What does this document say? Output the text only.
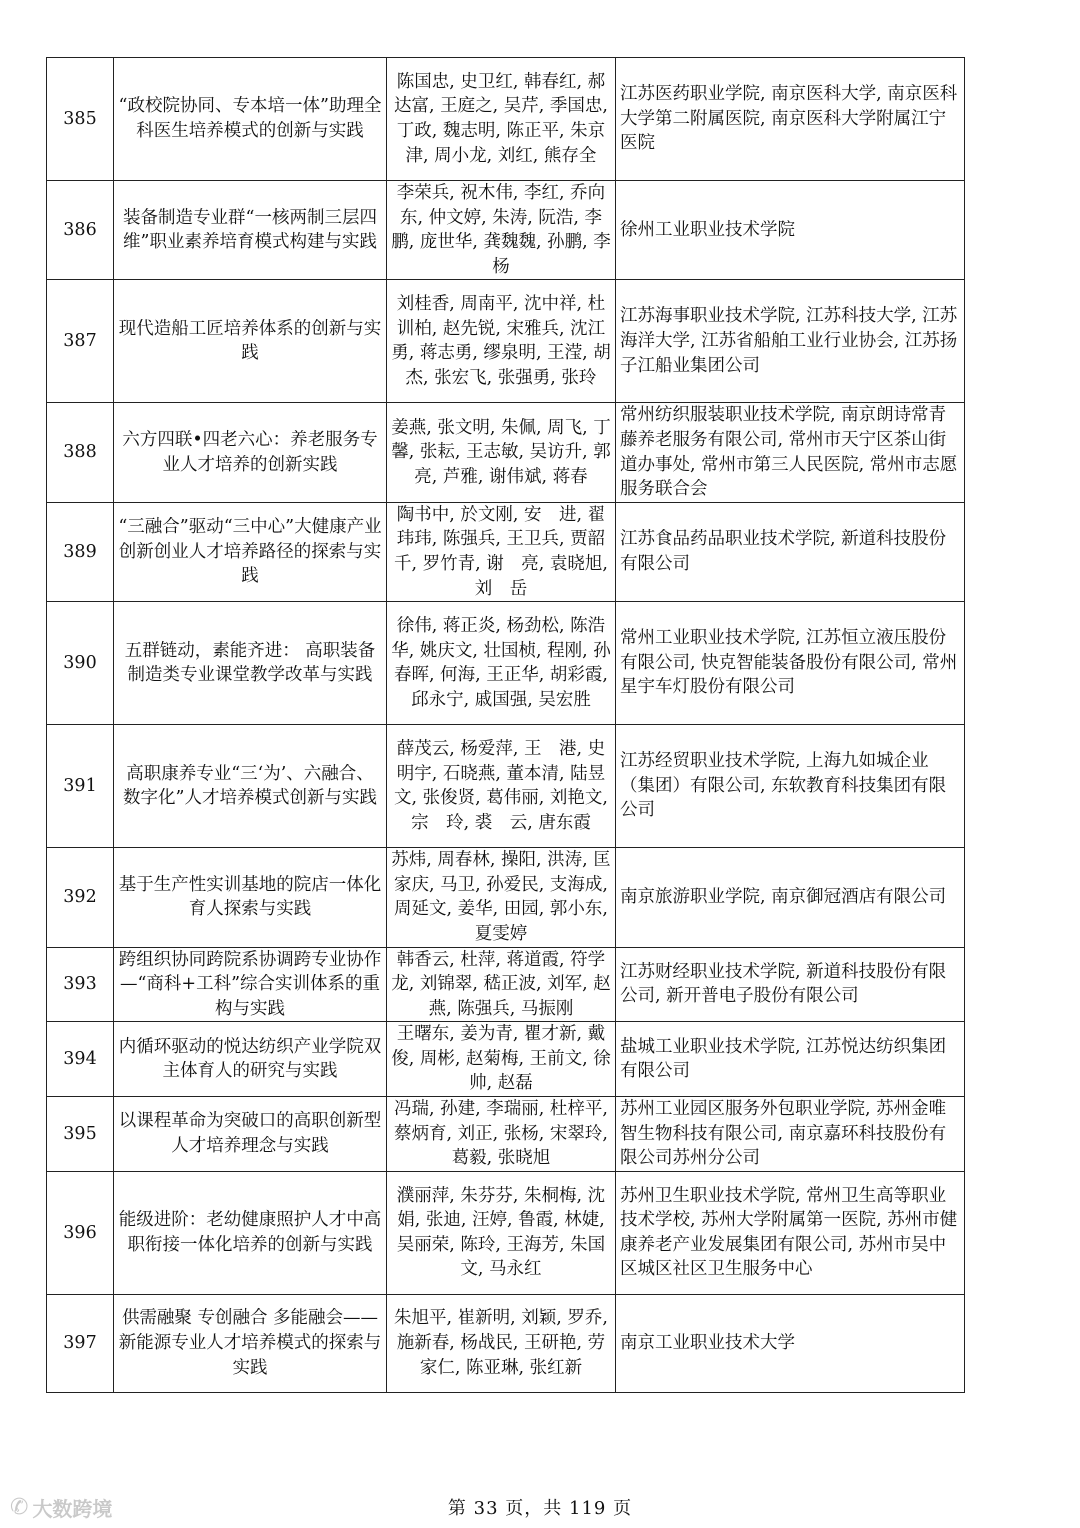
385	“政校院协同、专本培一体”助理全科医生培养模式的创新与实践	陈国忠, 史卫红, 韩春红, 郝达富, 王庭之, 吴芹, 季国忠, 丁政, 魏志明, 陈正平, 朱京津, 周小龙, 刘红, 熊存全	江苏医药职业学院, 南京医科大学, 南京医科大学第二附属医院, 南京医科大学附属江宁医院
386	装备制造专业群“一核两制三层四维”职业素养培育模式构建与实践	李荣兵, 祝木伟, 李红, 乔向东, 仲文婷, 朱涛, 阮浩, 李鹏, 庞世华, 龚魏魏, 孙鹏, 李杨	徐州工业职业技术学院
387	现代造船工匠培养体系的创新与实践	刘桂香, 周南平, 沈中祥, 杜训柏, 赵先锐, 宋雅兵, 沈江勇, 蒋志勇, 缪泉明, 王滢, 胡杰, 张宏飞, 张强勇, 张玲	江苏海事职业技术学院, 江苏科技大学, 江苏海洋大学, 江苏省船舶工业行业协会, 江苏扬子江船业集团公司
388	六方四联•四老六心：养老服务专业人才培养的创新实践	姜燕, 张文明, 朱佩, 周飞, 丁馨, 张耘, 王志敏, 吴访升, 郭亮, 芦雅, 谢伟斌, 蒋春	常州纺织服装职业技术学院, 南京朗诗常青藤养老服务有限公司, 常州市天宁区茶山街道办事处, 常州市第三人民医院, 常州市志愿服务联合会
389	“三融合”驱动“三中心”大健康产业创新创业人才培养路径的探索与实践	陶书中, 於文刚, 安　进, 翟玮玮, 陈强兵, 王卫兵, 贾韶千, 罗竹青, 谢　亮, 袁晓旭, 刘　岳	江苏食品药品职业技术学院, 新道科技股份有限公司
390	五群链动，素能齐进： 高职装备制造类专业课堂教学改革与实践	徐伟, 蒋正炎, 杨劲松, 陈浩华, 姚庆文, 壮国桢, 程刚, 孙春晖, 何海, 王正华, 胡彩霞, 邱永宁, 戚国强, 吴宏胜	常州工业职业技术学院, 江苏恒立液压股份有限公司, 快克智能装备股份有限公司, 常州星宇车灯股份有限公司
391	高职康养专业“三‘为’、六融合、数字化”人才培养模式创新与实践	薛茂云, 杨爱萍, 王　港, 史明宇, 石晓燕, 董本清, 陆昱文, 张俊贤, 葛伟丽, 刘艳文, 宗　玲, 裘　云, 唐东霞	江苏经贸职业技术学院, 上海九如城企业（集团）有限公司, 东软教育科技集团有限公司
392	基于生产性实训基地的院店一体化育人探索与实践	苏炜, 周春林, 操阳, 洪涛, 匡家庆, 马卫, 孙爱民, 支海成, 周延文, 姜华, 田园, 郭小东, 夏雯婷	南京旅游职业学院, 南京御冠酒店有限公司
393	跨组织协同跨院系协调跨专业协作—“商科+工科”综合实训体系的重构与实践	韩香云, 杜萍, 蒋道霞, 符学龙, 刘锦翠, 嵇正波, 刘军, 赵燕, 陈强兵, 马振刚	江苏财经职业技术学院, 新道科技股份有限公司, 新开普电子股份有限公司
394	内循环驱动的悦达纺织产业学院双主体育人的研究与实践	王曙东, 姜为青, 瞿才新, 戴俊, 周彬, 赵菊梅, 王前文, 徐帅, 赵磊	盐城工业职业技术学院, 江苏悦达纺织集团有限公司
395	以课程革命为突破口的高职创新型人才培养理念与实践	冯瑞, 孙建, 李瑞丽, 杜梓平, 蔡炳育, 刘正, 张杨, 宋翠玲, 葛毅, 张晓旭	苏州工业园区服务外包职业学院, 苏州金唯智生物科技有限公司, 南京嘉环科技股份有限公司苏州分公司
396	能级进阶：老幼健康照护人才中高职衔接一体化培养的创新与实践	濮丽萍, 朱芬芬, 朱桐梅, 沈娟, 张迪, 汪婷, 鲁霞, 林婕, 吴丽荣, 陈玲, 王海芳, 朱国文, 马永红	苏州卫生职业技术学院, 常州卫生高等职业技术学校, 苏州大学附属第一医院, 苏州市健康养老产业发展集团有限公司, 苏州市吴中区城区社区卫生服务中心
397	供需融聚 专创融合 多能融会——新能源专业人才培养模式的探索与实践	朱旭平, 崔新明, 刘颖, 罗乔, 施新春, 杨战民, 王研艳, 劳家仁, 陈亚琳, 张红新	南京工业职业技术大学
第 33 页，共 119 页
✆ 大数跨境
